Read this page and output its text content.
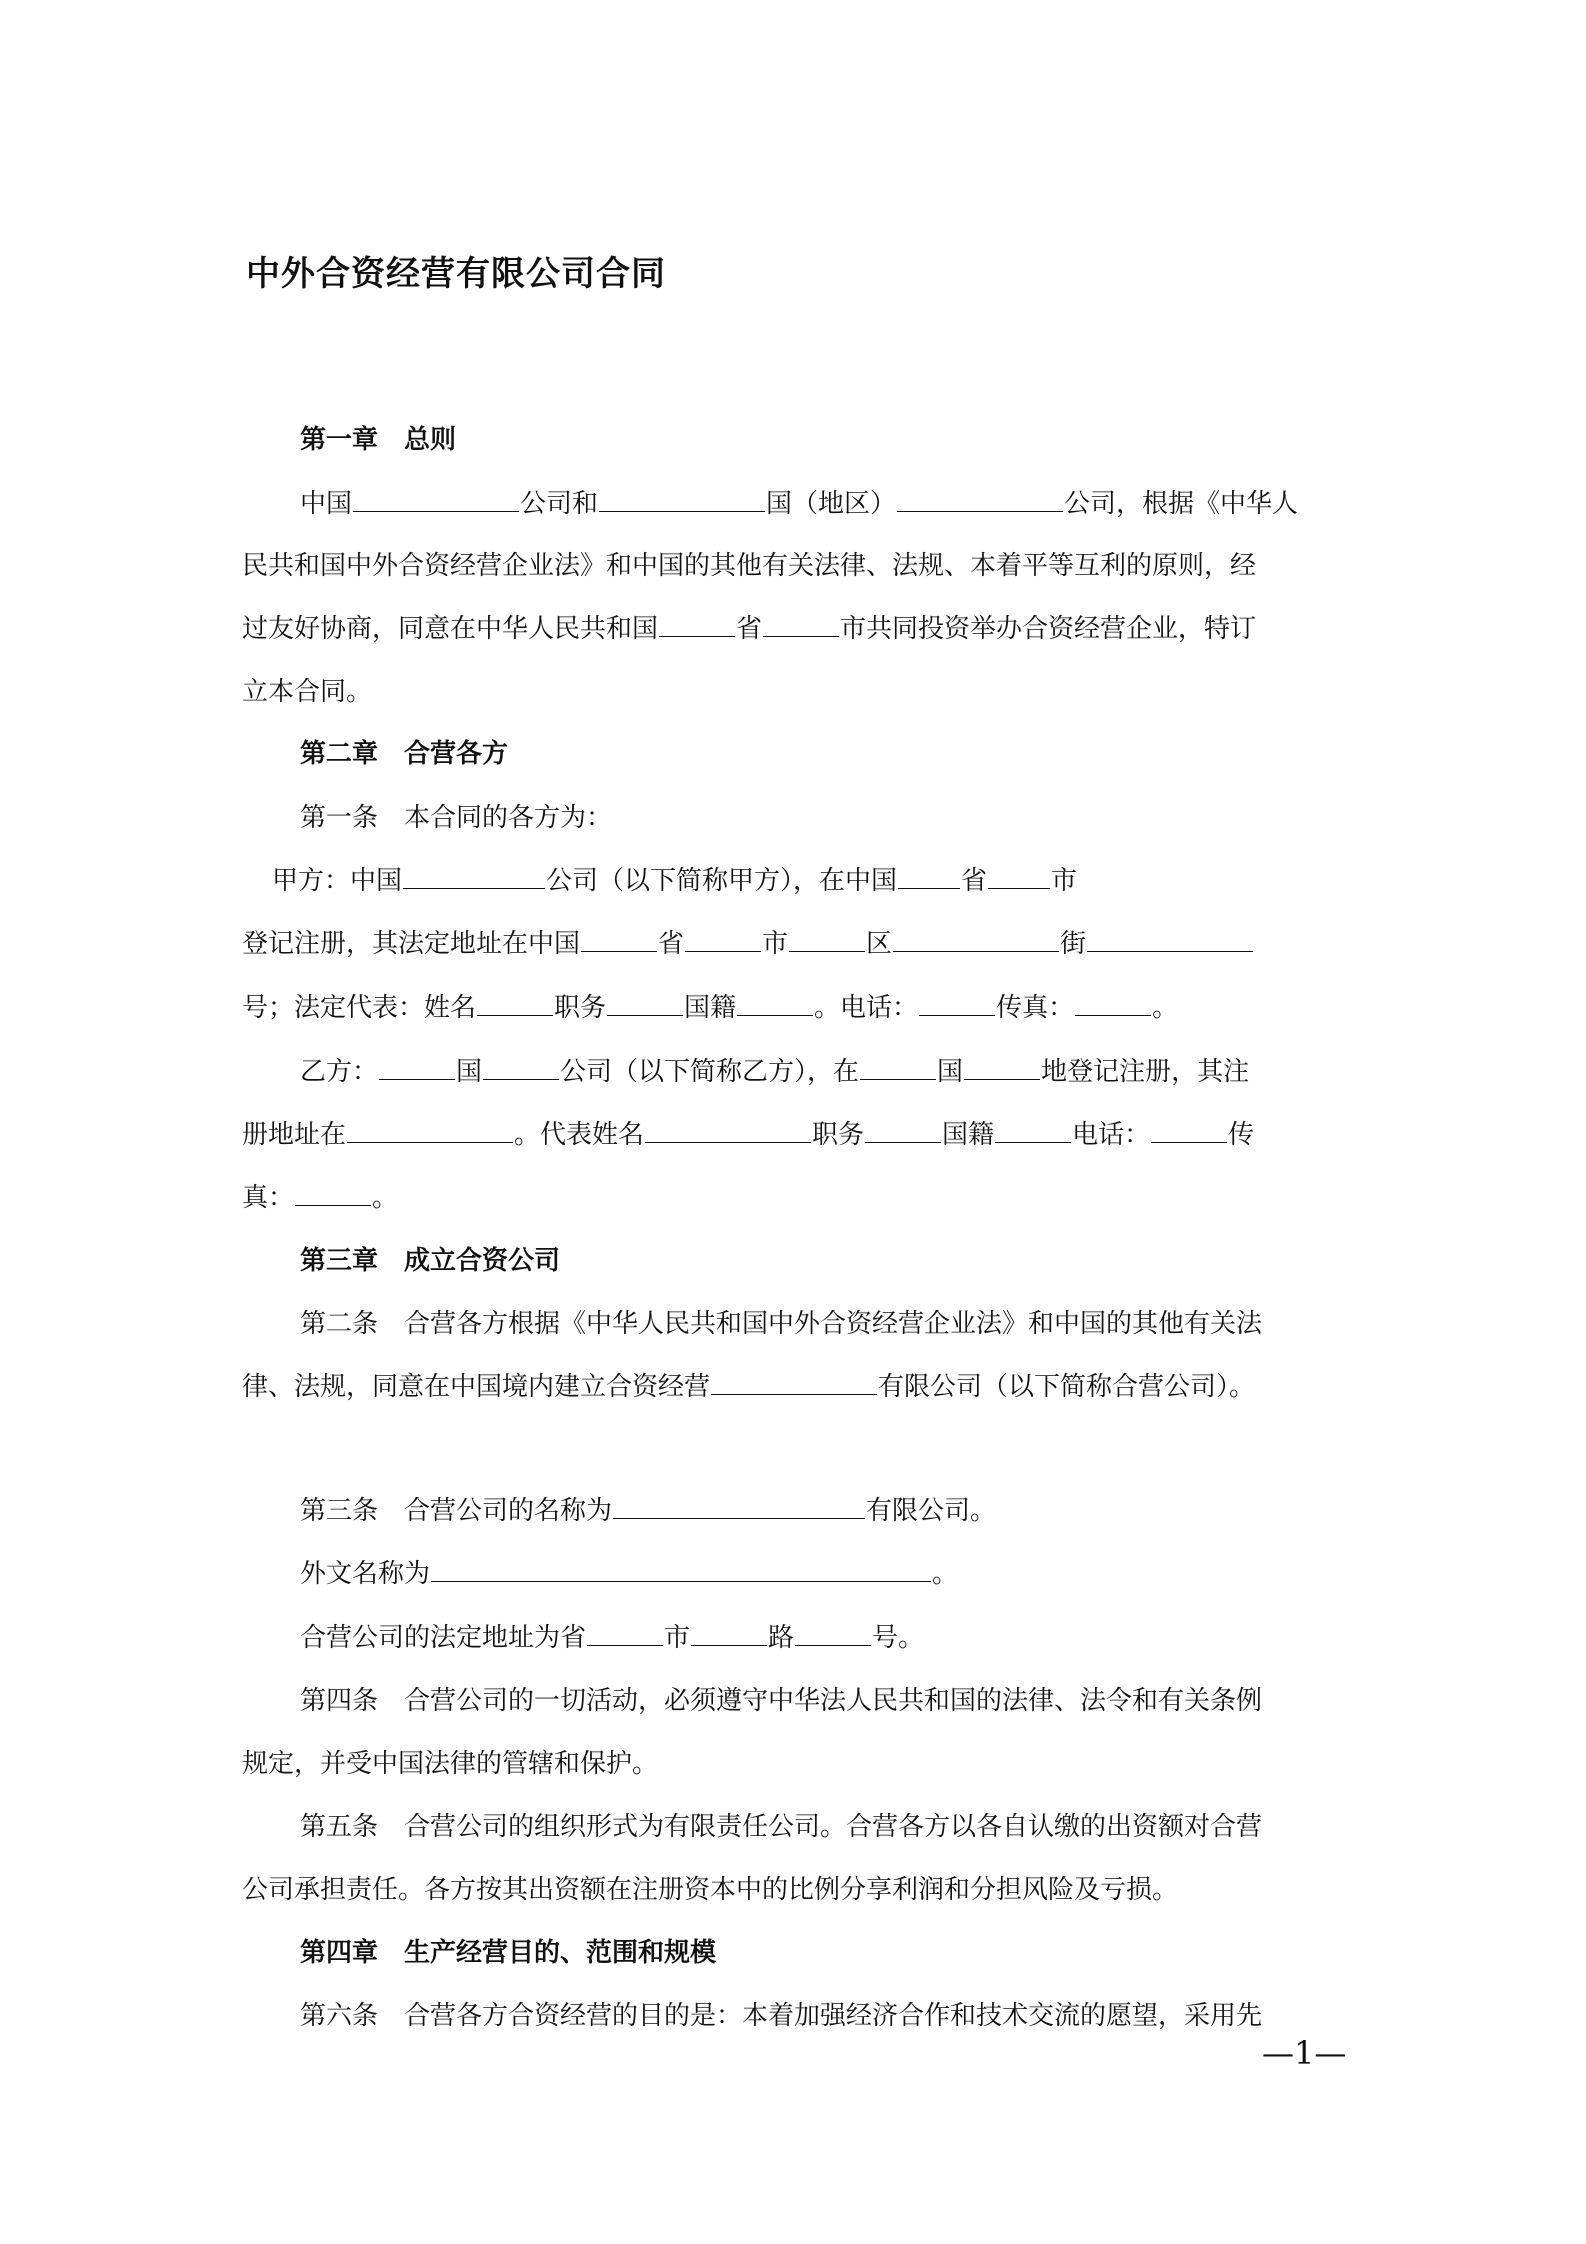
中外合资经营有限公司合同
第一章 总则
中国	公司和	国（地区）	公司，根据《中华人
民共和国中外合资经营企业法》和中国的其他有关法律、法规、本着平等互利的原则，经
过友好协商，同意在中华人民共和国	省	市共同投资举办合资经营企业，特订
立本合同。
第二章 合营各方
第一条 本合同的各方为：
甲方：中国	公司（以下简称甲方），在中国 省 市
登记注册，其法定地址在中国	省	市	区	街
号；法定代表：姓名	职务	国籍	。电话：	传真：	。
乙方：	国	公司（以下简称乙方），在	国	地登记注册，其注
册地址在	。代表姓名	职务	国籍	电话：	传
真：	。
第三章 成立合资公司
第二条 合营各方根据《中华人民共和国中外合资经营企业法》和中国的其他有关法
律、法规，同意在中国境内建立合资经营	有限公司（以下简称合营公司）。
第三条 合营公司的名称为	有限公司。
外文名称为	。
合营公司的法定地址为省	市	路	号。
第四条 合营公司的一切活动，必须遵守中华法人民共和国的法律、法令和有关条例
规定，并受中国法律的管辖和保护。
第五条 合营公司的组织形式为有限责任公司。合营各方以各自认缴的出资额对合营
公司承担责任。各方按其出资额在注册资本中的比例分享利润和分担风险及亏损。
第四章 生产经营目的、范围和规模
第六条 合营各方合资经营的目的是：本着加强经济合作和技术交流的愿望，采用先
—1—
